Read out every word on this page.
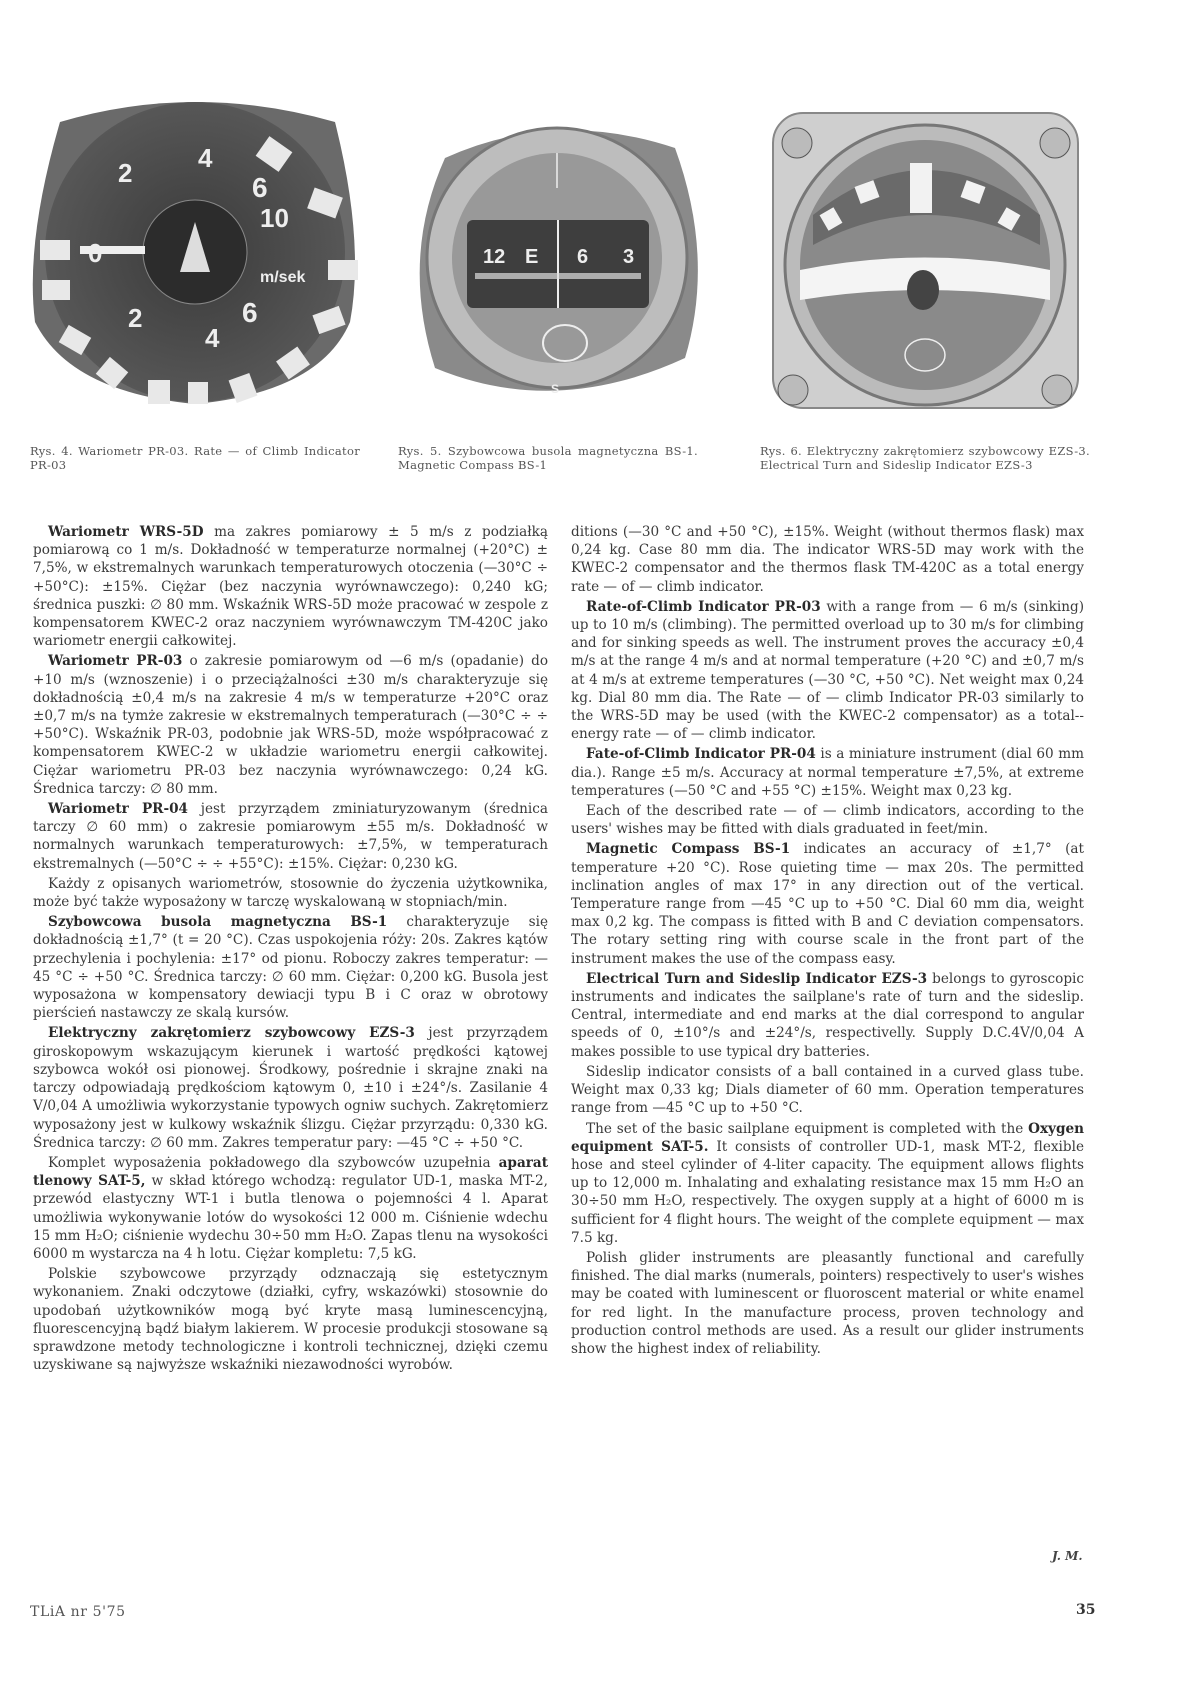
2	4
6
10
0
2
4
6
m/sek
Rys. 4. Wariometr PR-03. Rate — of Climb Indicator PR-03
12 E 6 3
S
Rys. 5. Szybowcowa busola magnetyczna BS-1. Magnetic Compass BS-1
Rys. 6. Elektryczny zakrętomierz szybowcowy EZS-3. Electrical Turn and Sideslip Indicator EZS-3

Wariometr WRS-5D ma zakres pomiarowy ± 5 m/s z podziałką pomiarową co 1 m/s. Dokładność w temperaturze normalnej (+20°C) ± 7,5%, w ekstremalnych warunkach temperaturowych otoczenia (—30°C ÷ +50°C): ±15%. Ciężar (bez naczynia wyrównawczego): 0,240 kG; średnica puszki: ∅ 80 mm. Wskaźnik WRS-5D może pracować w zespole z kompensatorem KWEC-2 oraz naczyniem wyrównawczym TM-420C jako wariometr energii całkowitej.

Wariometr PR-03 o zakresie pomiarowym od —6 m/s (opadanie) do +10 m/s (wznoszenie) i o przeciążalności ±30 m/s charakteryzuje się dokładnością ±0,4 m/s na zakresie 4 m/s w temperaturze +20°C oraz ±0,7 m/s na tymże zakresie w ekstremalnych temperaturach (—30°C ÷ ÷ +50°C). Wskaźnik PR-03, podobnie jak WRS-5D, może współpracować z kompensatorem KWEC-2 w układzie wariometru energii całkowitej. Ciężar wariometru PR-03 bez naczynia wyrównawczego: 0,24 kG. Średnica tarczy: ∅ 80 mm.

Wariometr PR-04 jest przyrządem zminiaturyzowanym (średnica tarczy ∅ 60 mm) o zakresie pomiarowym ±55 m/s. Dokładność w normalnych warunkach temperaturowych: ±7,5%, w temperaturach ekstremalnych (—50°C ÷ ÷ +55°C): ±15%. Ciężar: 0,230 kG.

Każdy z opisanych wariometrów, stosownie do życzenia użytkownika, może być także wyposażony w tarczę wyskalowaną w stopniach/min.

Szybowcowa busola magnetyczna BS-1 charakteryzuje się dokładnością ±1,7° (t = 20 °C). Czas uspokojenia róży: 20s. Zakres kątów przechylenia i pochylenia: ±17° od pionu. Roboczy zakres temperatur: —45 °C ÷ +50 °C. Średnica tarczy: ∅ 60 mm. Ciężar: 0,200 kG. Busola jest wyposażona w kompensatory dewiacji typu B i C oraz w obrotowy pierścień nastawczy ze skalą kursów.

Elektryczny zakrętomierz szybowcowy EZS-3 jest przyrządem giroskopowym wskazującym kierunek i wartość prędkości kątowej szybowca wokół osi pionowej. Środkowy, pośrednie i skrajne znaki na tarczy odpowiadają prędkościom kątowym 0, ±10 i ±24°/s. Zasilanie 4 V/0,04 A umożliwia wykorzystanie typowych ogniw suchych. Zakrętomierz wyposażony jest w kulkowy wskaźnik ślizgu. Ciężar przyrządu: 0,330 kG. Średnica tarczy: ∅ 60 mm. Zakres temperatur pary: —45 °C ÷ +50 °C.

Komplet wyposażenia pokładowego dla szybowców uzupełnia aparat tlenowy SAT-5, w skład którego wchodzą: regulator UD-1, maska MT-2, przewód elastyczny WT-1 i butla tlenowa o pojemności 4 l. Aparat umożliwia wykonywanie lotów do wysokości 12 000 m. Ciśnienie wdechu 15 mm H₂O; ciśnienie wydechu 30÷50 mm H₂O. Zapas tlenu na wysokości 6000 m wystarcza na 4 h lotu. Ciężar kompletu: 7,5 kG.

Polskie szybowcowe przyrządy odznaczają się estetycznym wykonaniem. Znaki odczytowe (działki, cyfry, wskazówki) stosownie do upodobań użytkowników mogą być kryte masą luminescencyjną, fluorescencyjną bądź białym lakierem. W procesie produkcji stosowane są sprawdzone metody technologiczne i kontroli technicznej, dzięki czemu uzyskiwane są najwyższe wskaźniki niezawodności wyrobów.

ditions (—30 °C and +50 °C), ±15%. Weight (without thermos flask) max 0,24 kg. Case 80 mm dia. The indicator WRS-5D may work with the KWEC-2 compensator and the thermos flask TM-420C as a total energy rate — of — climb indicator.

Rate-of-Climb Indicator PR-03 with a range from — 6 m/s (sinking) up to 10 m/s (climbing). The permitted overload up to 30 m/s for climbing and for sinking speeds as well. The instrument proves the accuracy ±0,4 m/s at the range 4 m/s and at normal temperature (+20 °C) and ±0,7 m/s at 4 m/s at extreme temperatures (—30 °C, +50 °C). Net weight max 0,24 kg. Dial 80 mm dia. The Rate — of — climb Indicator PR-03 similarly to the WRS-5D may be used (with the KWEC-2 compensator) as a total--energy rate — of — climb indicator.

Fate-of-Climb Indicator PR-04 is a miniature instrument (dial 60 mm dia.). Range ±5 m/s. Accuracy at normal temperature ±7,5%, at extreme temperatures (—50 °C and +55 °C) ±15%. Weight max 0,23 kg.

Each of the described rate — of — climb indicators, according to the users' wishes may be fitted with dials graduated in feet/min.

Magnetic Compass BS-1 indicates an accuracy of ±1,7° (at temperature +20 °C). Rose quieting time — max 20s. The permitted inclination angles of max 17° in any direction out of the vertical. Temperature range from —45 °C up to +50 °C. Dial 60 mm dia, weight max 0,2 kg. The compass is fitted with B and C deviation compensators. The rotary setting ring with course scale in the front part of the instrument makes the use of the compass easy.

Electrical Turn and Sideslip Indicator EZS-3 belongs to gyroscopic instruments and indicates the sailplane's rate of turn and the sideslip. Central, intermediate and end marks at the dial correspond to angular speeds of 0, ±10°/s and ±24°/s, respectivelly. Supply D.C.4V/0,04 A makes possible to use typical dry batteries.

Sideslip indicator consists of a ball contained in a curved glass tube. Weight max 0,33 kg; Dials diameter of 60 mm. Operation temperatures range from —45 °C up to +50 °C.

The set of the basic sailplane equipment is completed with the Oxygen equipment SAT-5. It consists of controller UD-1, mask MT-2, flexible hose and steel cylinder of 4-liter capacity. The equipment allows flights up to 12,000 m. Inhalating and exhalating resistance max 15 mm H₂O an 30÷50 mm H₂O, respectively. The oxygen supply at a hight of 6000 m is sufficient for 4 flight hours. The weight of the complete equipment — max 7.5 kg.

Polish glider instruments are pleasantly functional and carefully finished. The dial marks (numerals, pointers) respectively to user's wishes may be coated with luminescent or fluoroscent material or white enamel for red light. In the manufacture process, proven technology and production control methods are used. As a result our glider instruments show the highest index of reliability.

J. M.
TLiA nr 5'75	35
